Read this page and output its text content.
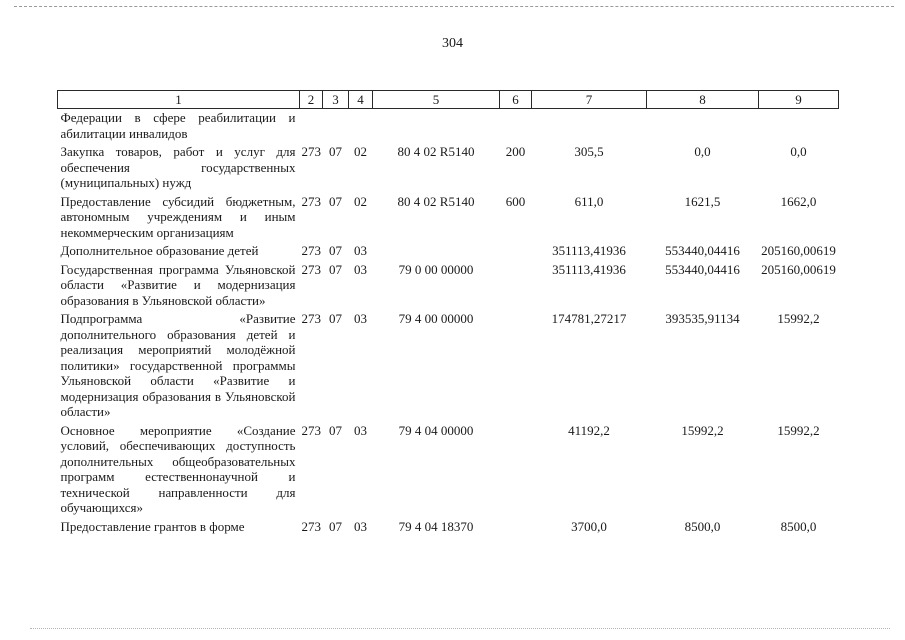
304
1	2	3	4	5	6	7	8	9
Федерации в сфере реабилитации и абилитации инвалидов								
Закупка товаров, работ и услуг для обеспечения государственных (муниципальных) нужд	273	07	02	80 4 02 R5140	200	305,5	0,0	0,0
Предоставление субсидий бюджетным, автономным учреждениям и иным некоммерческим организациям	273	07	02	80 4 02 R5140	600	611,0	1621,5	1662,0
Дополнительное образование детей	273	07	03			351113,41936	553440,04416	205160,00619
Государственная программа Ульяновской области «Развитие и модернизация образования в Ульяновской области»	273	07	03	79 0 00 00000		351113,41936	553440,04416	205160,00619
Подпрограмма «Развитие дополнительного образования детей и реализация мероприятий молодёжной политики» государственной программы Ульяновской области «Развитие и модернизация образования в Ульяновской области»	273	07	03	79 4 00 00000		174781,27217	393535,91134	15992,2
Основное мероприятие «Создание условий, обеспечивающих доступность дополнительных общеобразовательных программ естественнонаучной и технической направленности для обучающихся»	273	07	03	79 4 04 00000		41192,2	15992,2	15992,2
Предоставление грантов в форме	273	07	03	79 4 04 18370		3700,0	8500,0	8500,0
